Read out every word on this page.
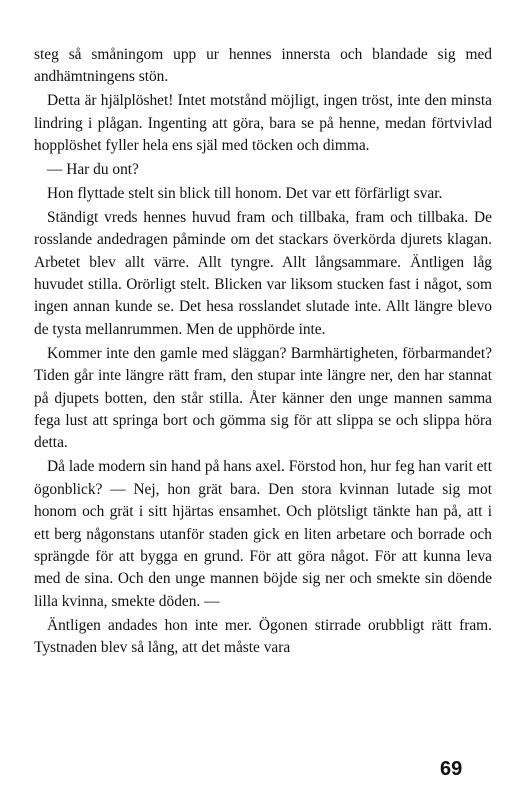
steg så småningom upp ur hennes innersta och blandade sig med andhämtningens stön.

Detta är hjälplöshet! Intet motstånd möjligt, ingen tröst, inte den minsta lindring i plågan. Ingenting att göra, bara se på henne, medan förtvivlad hopplöshet fyller hela ens själ med töcken och dimma.

— Har du ont?

Hon flyttade stelt sin blick till honom. Det var ett förfärligt svar.

Ständigt vreds hennes huvud fram och tillbaka, fram och tillbaka. De rosslande andedragen påminde om det stackars överkörda djurets klagan. Arbetet blev allt värre. Allt tyngre. Allt långsammare. Äntligen låg huvudet stilla. Orörligt stelt. Blicken var liksom stucken fast i något, som ingen annan kunde se. Det hesa rosslandet slutade inte. Allt längre blevo de tysta mellanrummen. Men de upphörde inte.

Kommer inte den gamle med släggan? Barmhärtigheten, förbarmandet? Tiden går inte längre rätt fram, den stupar inte längre ner, den har stannat på djupets botten, den står stilla. Åter känner den unge mannen samma fega lust att springa bort och gömma sig för att slippa se och slippa höra detta.

Då lade modern sin hand på hans axel. Förstod hon, hur feg han varit ett ögonblick? — Nej, hon grät bara. Den stora kvinnan lutade sig mot honom och grät i sitt hjärtas ensamhet. Och plötsligt tänkte han på, att i ett berg någonstans utanför staden gick en liten arbetare och borrade och sprängde för att bygga en grund. För att göra något. För att kunna leva med de sina. Och den unge mannen böjde sig ner och smekte sin döende lilla kvinna, smekte döden. —

Äntligen andades hon inte mer. Ögonen stirrade orubbligt rätt fram. Tystnaden blev så lång, att det måste vara

69
